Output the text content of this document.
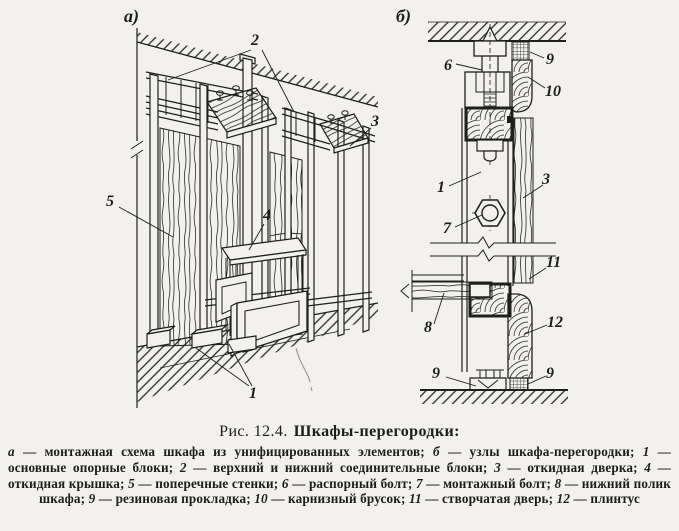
а)
2
3
5
4
1
б)
6	9
10
1	3
7
11
8	12
9	9
Рис. 12.4. Шкафы-перегородки:
а — монтажная схема шкафа из унифицированных элементов; б — узлы шкафа-перегородки; 1 — основные опорные блоки; 2 — верхний и нижний соединительные блоки; 3 — откидная дверка; 4 — откидная крышка; 5 — поперечные стенки; 6 — распорный болт; 7 — монтажный болт; 8 — нижний полик шкафа; 9 — резиновая прокладка; 10 — карнизный брусок; 11 — створчатая дверь; 12 — плинтус
